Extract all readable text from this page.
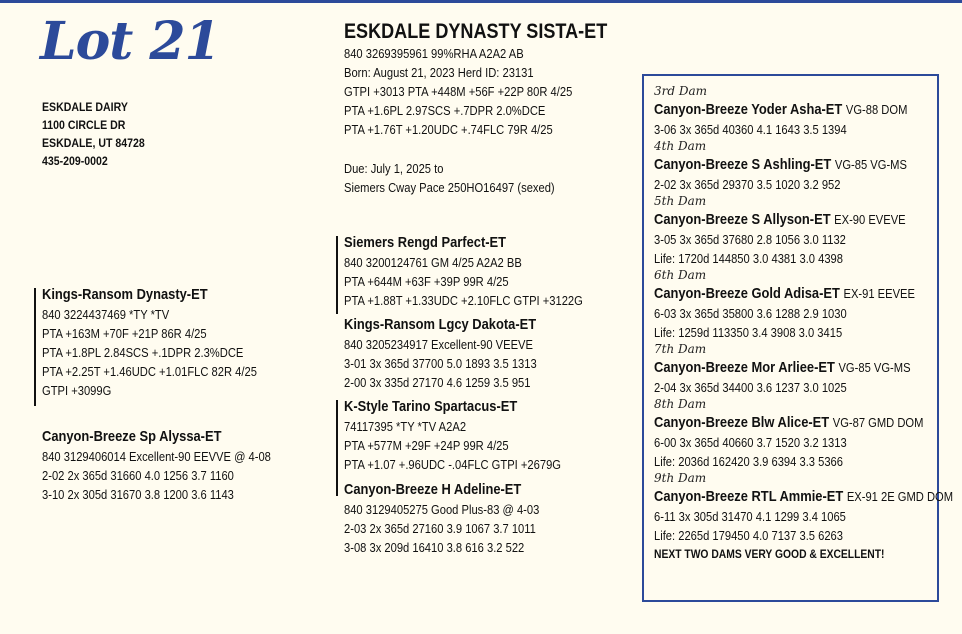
Lot 21
ESKDALE DAIRY
1100 CIRCLE DR
ESKDALE, UT 84728
435-209-0002
ESKDALE DYNASTY SISTA-ET
840 3269395961 99%RHA A2A2 AB
Born: August 21, 2023 Herd ID: 23131
GTPI +3013 PTA +448M +56F +22P 80R 4/25
PTA +1.6PL 2.97SCS +.7DPR 2.0%DCE
PTA +1.76T +1.20UDC +.74FLC 79R 4/25
Due: July 1, 2025 to
Siemers Cway Pace 250HO16497 (sexed)
Kings-Ransom Dynasty-ET
840 3224437469 *TY *TV
PTA +163M +70F +21P 86R 4/25
PTA +1.8PL 2.84SCS +.1DPR 2.3%DCE
PTA +2.25T +1.46UDC +1.01FLC 82R 4/25
GTPI +3099G
Canyon-Breeze Sp Alyssa-ET
840 3129406014 Excellent-90 EEVVE @ 4-08
2-02 2x 365d 31660 4.0 1256 3.7 1160
3-10 2x 305d 31670 3.8 1200 3.6 1143
Siemers Rengd Parfect-ET
840 3200124761 GM 4/25 A2A2 BB
PTA +644M +63F +39P 99R 4/25
PTA +1.88T +1.33UDC +2.10FLC GTPI +3122G
Kings-Ransom Lgcy Dakota-ET
840 3205234917 Excellent-90 VEEVE
3-01 3x 365d 37700 5.0 1893 3.5 1313
2-00 3x 335d 27170 4.6 1259 3.5 951
K-Style Tarino Spartacus-ET
74117395 *TY *TV A2A2
PTA +577M +29F +24P 99R 4/25
PTA +1.07 +.96UDC -.04FLC GTPI +2679G
Canyon-Breeze H Adeline-ET
840 3129405275 Good Plus-83 @ 4-03
2-03 2x 365d 27160 3.9 1067 3.7 1011
3-08 3x 209d 16410 3.8 616 3.2 522
3rd Dam
Canyon-Breeze Yoder Asha-ET VG-88 DOM
3-06 3x 365d 40360 4.1 1643 3.5 1394
4th Dam
Canyon-Breeze S Ashling-ET VG-85 VG-MS
2-02 3x 365d 29370 3.5 1020 3.2 952
5th Dam
Canyon-Breeze S Allyson-ET EX-90 EVEVE
3-05 3x 365d 37680 2.8 1056 3.0 1132
Life: 1720d 144850 3.0 4381 3.0 4398
6th Dam
Canyon-Breeze Gold Adisa-ET EX-91 EEVEE
6-03 3x 365d 35800 3.6 1288 2.9 1030
Life: 1259d 113350 3.4 3908 3.0 3415
7th Dam
Canyon-Breeze Mor Arliee-ET VG-85 VG-MS
2-04 3x 365d 34400 3.6 1237 3.0 1025
8th Dam
Canyon-Breeze Blw Alice-ET VG-87 GMD DOM
6-00 3x 365d 40660 3.7 1520 3.2 1313
Life: 2036d 162420 3.9 6394 3.3 5366
9th Dam
Canyon-Breeze RTL Ammie-ET EX-91 2E GMD DOM
6-11 3x 305d 31470 4.1 1299 3.4 1065
Life: 2265d 179450 4.0 7137 3.5 6263
NEXT TWO DAMS VERY GOOD & EXCELLENT!
